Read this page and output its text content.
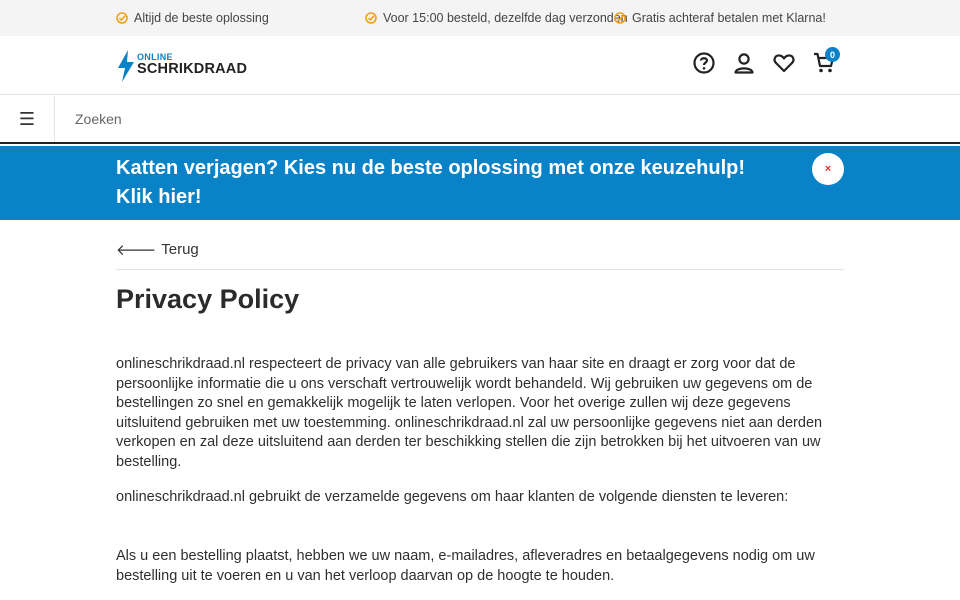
Altijd de beste oplossing	Voor 15:00 besteld, dezelfde dag verzonden Gratis achteraf betalen met Klarna!
ONLINE
SCHRIKDRAAD
0
☰
Zoeken
Katten verjagen? Kies nu de beste oplossing met onze keuzehulp! Klik hier!
×
🡐 Terug
Privacy Policy

onlineschrikdraad.nl respecteert de privacy van alle gebruikers van haar site en draagt er zorg voor dat de persoonlijke informatie die u ons verschaft vertrouwelijk wordt behandeld. Wij gebruiken uw gegevens om de bestellingen zo snel en gemakkelijk mogelijk te laten verlopen. Voor het overige zullen wij deze gegevens uitsluitend gebruiken met uw toestemming. onlineschrikdraad.nl zal uw persoonlijke gegevens niet aan derden verkopen en zal deze uitsluitend aan derden ter beschikking stellen die zijn betrokken bij het uitvoeren van uw bestelling.

onlineschrikdraad.nl gebruikt de verzamelde gegevens om haar klanten de volgende diensten te leveren:

Als u een bestelling plaatst, hebben we uw naam, e-mailadres, afleveradres en betaalgegevens nodig om uw bestelling uit te voeren en u van het verloop daarvan op de hoogte te houden.
